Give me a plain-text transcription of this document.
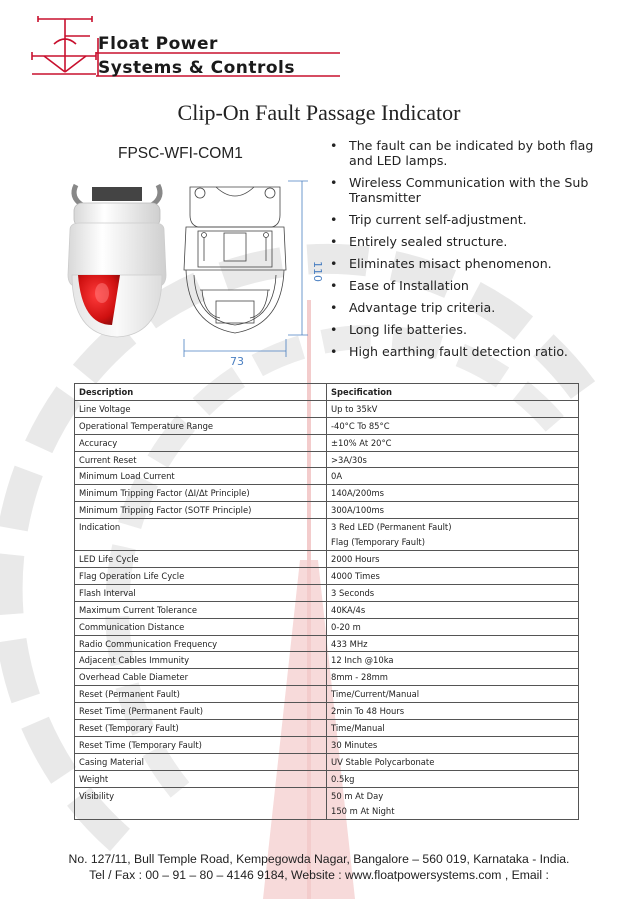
Float Power
Systems & Controls
Clip-On Fault Passage Indicator
FPSC-WFI-COM1	• The fault can be indicated by both flag and LED lamps.
• Wireless Communication with the Sub Transmitter
• Trip current self-adjustment.
• Entirely sealed structure.
• Eliminates misact phenomenon.
• Ease of Installation
• Advantage trip criteria.
• Long life batteries.
• High earthing fault detection ratio.
110
73
Description	Specification
Line Voltage	Up to 35kV
Operational Temperature Range	-40°C To 85°C
Accuracy	±10% At 20°C
Current Reset	>3A/30s
Minimum Load Current	0A
Minimum Tripping Factor (ΔI/Δt Principle)	140A/200ms
Minimum Tripping Factor (SOTF Principle)	300A/100ms
Indication	3 Red LED (Permanent Fault)
Flag (Temporary Fault)

LED Life Cycle	2000 Hours
Flag Operation Life Cycle	4000 Times
Flash Interval	3 Seconds
Maximum Current Tolerance	40KA/4s
Communication Distance	0-20 m
Radio Communication Frequency	433 MHz
Adjacent Cables Immunity	12 Inch @10ka
Overhead Cable Diameter	8mm - 28mm
Reset (Permanent Fault)	Time/Current/Manual
Reset Time (Permanent Fault)	2min To 48 Hours
Reset (Temporary Fault)	Time/Manual
Reset Time (Temporary Fault)	30 Minutes
Casing Material	UV Stable Polycarbonate
Weight	0.5kg
Visibility	50 m At Day
150 m At Night
No. 127/11, Bull Temple Road, Kempegowda Nagar, Bangalore – 560 019, Karnataka - India.
Tel / Fax : 00 – 91 – 80 – 4146 9184, Website : www.floatpowersystems.com , Email :
